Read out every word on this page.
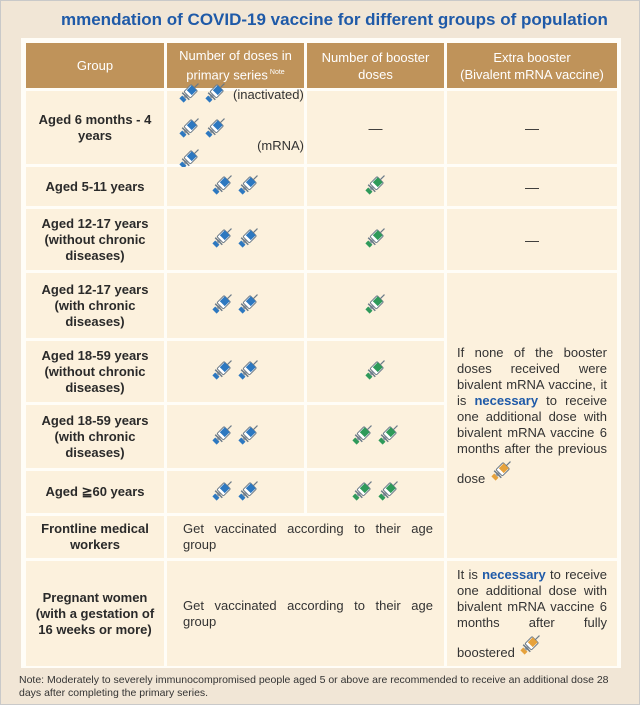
mmendation of COVID-19 vaccine for different groups of population
Group
Number of doses in
primary series $^{Note}$
Number of booster
doses
Extra booster
(Bivalent mRNA vaccine)
Aged 6 months - 4
years
(inactivated)
(mRNA)
—	—
Aged 5-11 years	—
Aged 12-17 years
(without chronic
diseases)
—
Aged 12-17 years
(with chronic
diseases)
Aged 18-59 years
(without chronic
diseases)
Aged 18-59 years
(with chronic
diseases)
Aged ≧60 years
If none of the booster doses received were bivalent mRNA vaccine, it is necessary to receive one additional dose with bivalent mRNA vaccine 6 months after the previous dose
Frontline medical
workers
Get vaccinated according to their age group
Pregnant women
(with a gestation of
16 weeks or more)
Get vaccinated according to their age group
It is necessary to receive one additional dose with bivalent mRNA vaccine 6 months after fully boostered
Note: Moderately to severely immunocompromised people aged 5 or above are recommended to receive an additional dose 28 days after completing the primary series.
